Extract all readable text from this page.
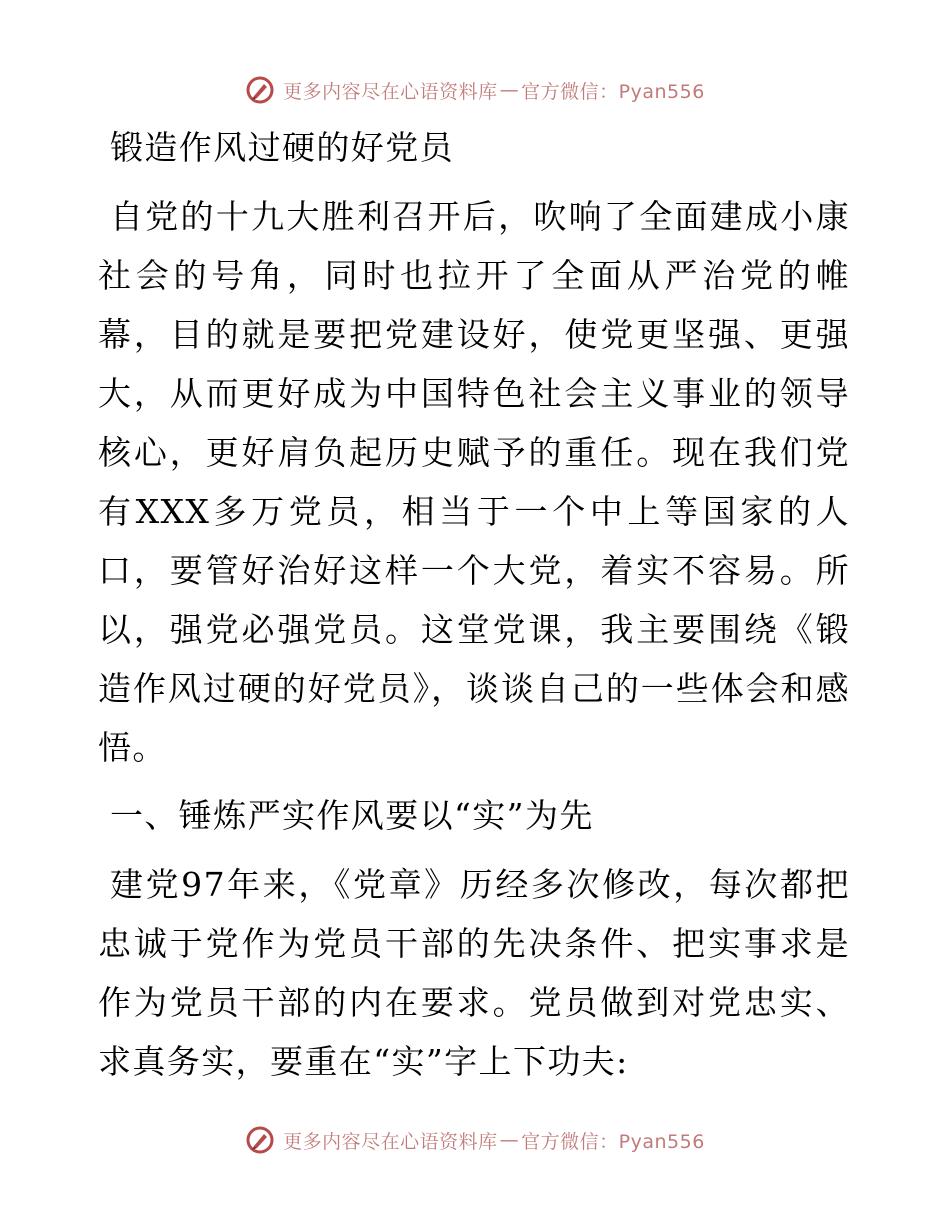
更多内容尽在心语资料库 — 官方微信：Pyan556

锻造作风过硬的好党员

自党的十九大胜利召开后，吹响了全面建成小康社会的号角，同时也拉开了全面从严治党的帷幕，目的就是要把党建设好，使党更坚强、更强大，从而更好成为中国特色社会主义事业的领导核心，更好肩负起历史赋予的重任。现在我们党有XXX多万党员，相当于一个中上等国家的人口，要管好治好这样一个大党，着实不容易。所以，强党必强党员。这堂党课，我主要围绕《锻造作风过硬的好党员》，谈谈自己的一些体会和感悟。

一、锤炼严实作风要以“实”为先

建党97年来，《党章》历经多次修改，每次都把忠诚于党作为党员干部的先决条件、把实事求是作为党员干部的内在要求。党员做到对党忠实、求真务实，要重在“实”字上下功夫:

更多内容尽在心语资料库 — 官方微信：Pyan556
